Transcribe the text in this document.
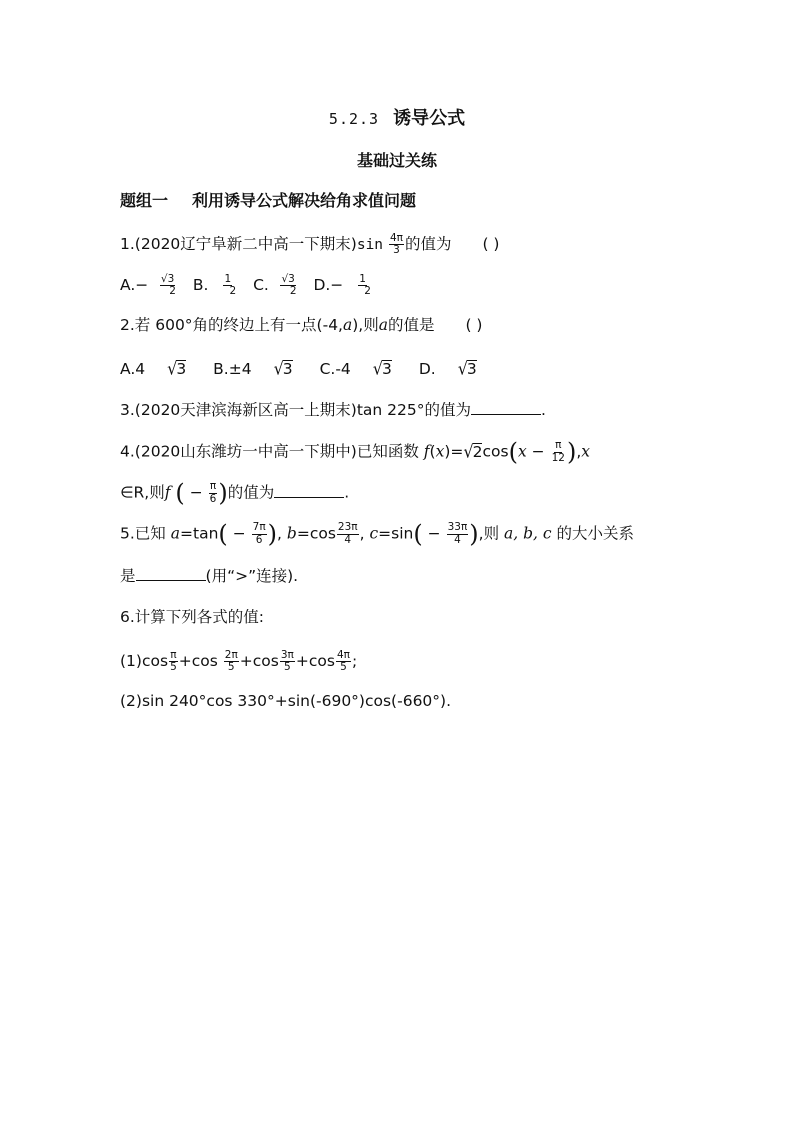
5.2.3 诱导公式
基础过关练
题组一 利用诱导公式解决给角求值问题
1.(2020辽宁阜新二中高一下期末)$\sin \frac{4\pi}{3}$ 的值为 ( )
$A.- \frac{√3}{2} B$. 1
2 C. $\frac{√3}{2} D.- 1$
2
2.若 600°角的终边上有一点(-4,a),则a的值是 ( )
A.4 √3 B.±4 √3 C.-4 √3 D. √3
3.(2020天津滨海新区高一上期末)tan 225°的值为	.
4.(2020山东潍坊一中高一下期中)已知函数 $f(x)=√2\cos(x - \frac{\pi}{12} ),x$
∈R,则f ( − $\frac{\pi}{6}$ )的值为	.
5.已知 $a=\tan( - \frac{7\pi}{6}$ ), $b=\cos \frac{23\pi}{4}$ , $c=\sin( - \frac{33\pi}{4}$ ),则 a, b, c 的大小关系
是	(用“>”连接).
6.计算下列各式的值:
$(1)\cos \frac{\pi}{5} +\cos \frac{2\pi}{5} +\cos \frac{3\pi}{5} +\cos \frac{4\pi}{5}$ ;
(2)sin 240°cos 330°+sin(-690°)cos(-660°).
